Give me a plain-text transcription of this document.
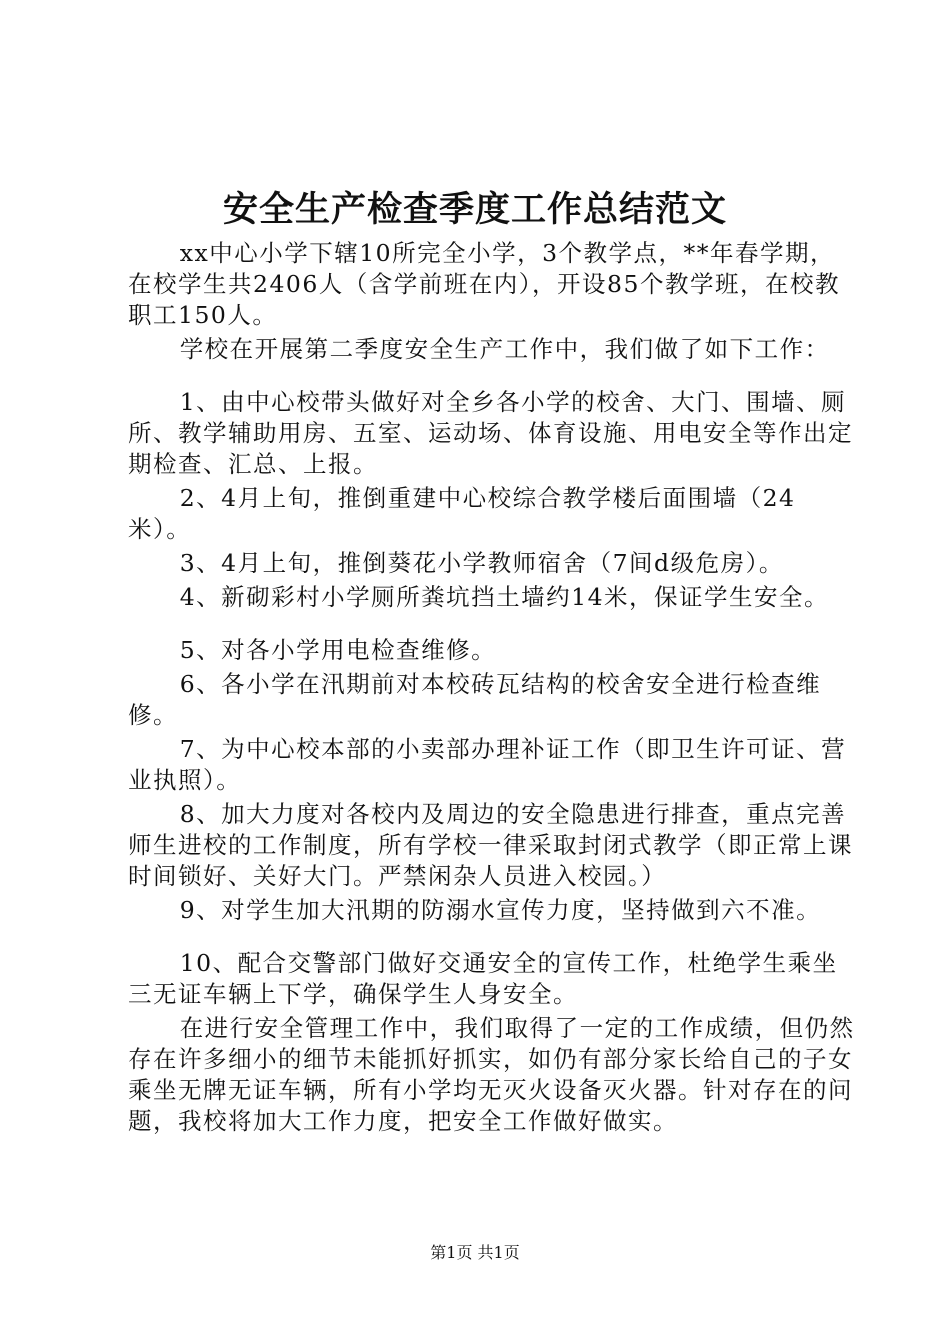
安全生产检查季度工作总结范文

xx中心小学下辖10所完全小学，3个教学点，**年春学期，在校学生共2406人（含学前班在内），开设85个教学班，在校教职工150人。

学校在开展第二季度安全生产工作中，我们做了如下工作：

1、由中心校带头做好对全乡各小学的校舍、大门、围墙、厕所、教学辅助用房、五室、运动场、体育设施、用电安全等作出定期检查、汇总、上报。

2、4月上旬，推倒重建中心校综合教学楼后面围墙（24米）。

3、4月上旬，推倒葵花小学教师宿舍（7间d级危房）。

4、新砌彩村小学厕所粪坑挡土墙约14米，保证学生安全。

5、对各小学用电检查维修。

6、各小学在汛期前对本校砖瓦结构的校舍安全进行检查维修。

7、为中心校本部的小卖部办理补证工作（即卫生许可证、营业执照）。

8、加大力度对各校内及周边的安全隐患进行排查，重点完善师生进校的工作制度，所有学校一律采取封闭式教学（即正常上课时间锁好、关好大门。严禁闲杂人员进入校园。）

9、对学生加大汛期的防溺水宣传力度，坚持做到六不准。

10、配合交警部门做好交通安全的宣传工作，杜绝学生乘坐三无证车辆上下学，确保学生人身安全。

在进行安全管理工作中，我们取得了一定的工作成绩，但仍然存在许多细小的细节未能抓好抓实，如仍有部分家长给自己的子女乘坐无牌无证车辆，所有小学均无灭火设备灭火器。针对存在的问题，我校将加大工作力度，把安全工作做好做实。

第1页 共1页
